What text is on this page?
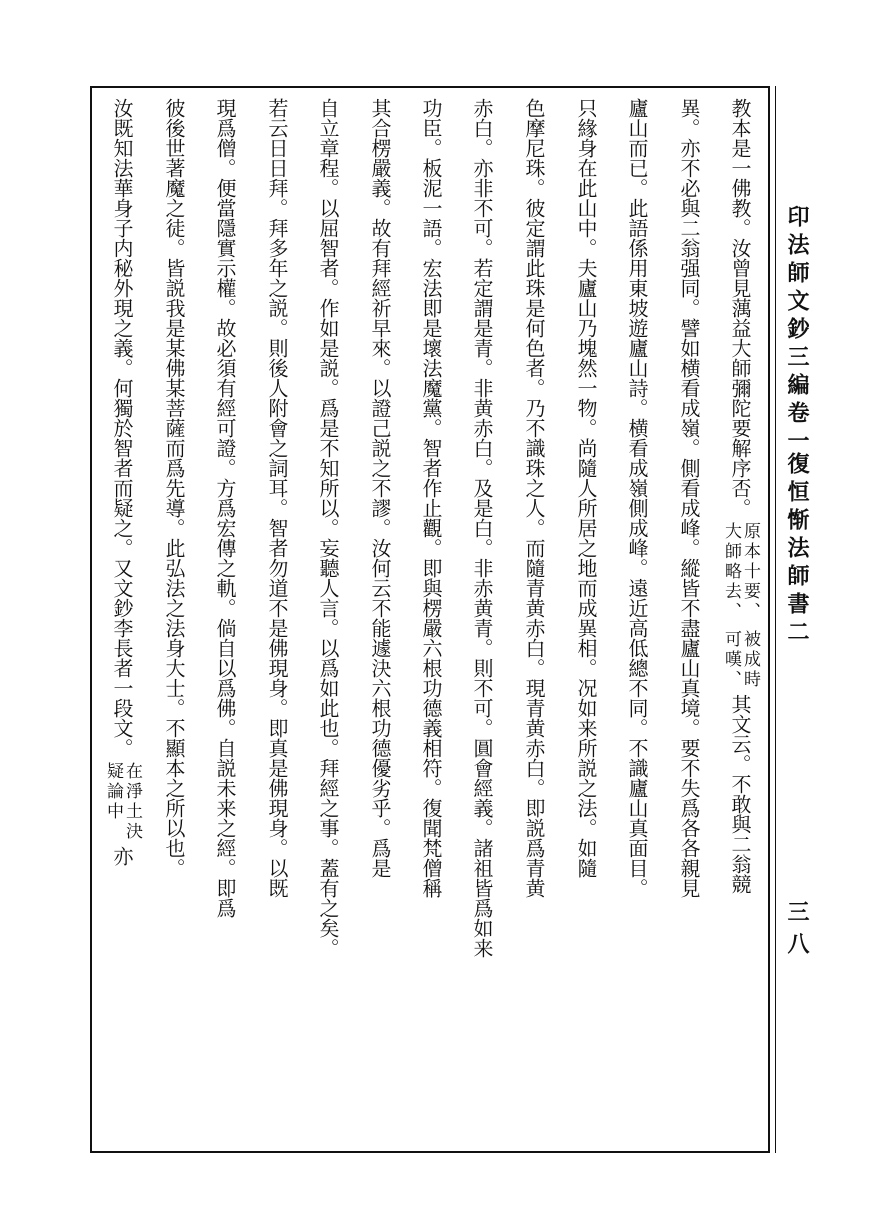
印法師文鈔三編卷一
復恒惭法師書二
三八
教本是一佛教。汝曾見蕅益大師彌陀要解序否。
原本十要、
大師略去、
被成時
可嘆、
其文云。不敢與二翁競
異。亦不必與二翁强同。譬如横看成嶺。側看成峰。縱皆不盡廬山真境。要不失爲各各親見
廬山而已。此語係用東坡遊廬山詩。横看成嶺側成峰。遠近高低總不同。不識廬山真面目。
只緣身在此山中。夫廬山乃塊然一物。尚隨人所居之地而成異相。况如来所説之法。如隨
色摩尼珠。彼定謂此珠是何色者。乃不識珠之人。而隨青黄赤白。現青黄赤白。即説爲青黄
赤白。亦非不可。若定謂是青。非黄赤白。及是白。非赤黄青。則不可。圓會經義。諸祖皆爲如来
功臣。板泥一語。宏法即是壞法魔黨。智者作止觀。即與楞嚴六根功德義相符。復聞梵僧稱
其合楞嚴義。故有拜經祈早來。以證己説之不謬。汝何云不能遽決六根功德優劣乎。爲是
自立章程。以屈智者。作如是説。爲是不知所以。妄聽人言。以爲如此也。拜經之事。蓋有之矣。
若云日日拜。拜多年之説。則後人附會之詞耳。智者勿道不是佛現身。即真是佛現身。以既
現爲僧。便當隱實示權。故必須有經可證。方爲宏傳之軌。倘自以爲佛。自説未来之經。即爲
彼後世著魔之徒。皆説我是某佛某菩薩而爲先導。此弘法之法身大士。不顯本之所以也。
汝既知法華身子内秘外現之義。何獨於智者而疑之。又文鈔李長者一段文。
在淨土決
疑論中
亦
